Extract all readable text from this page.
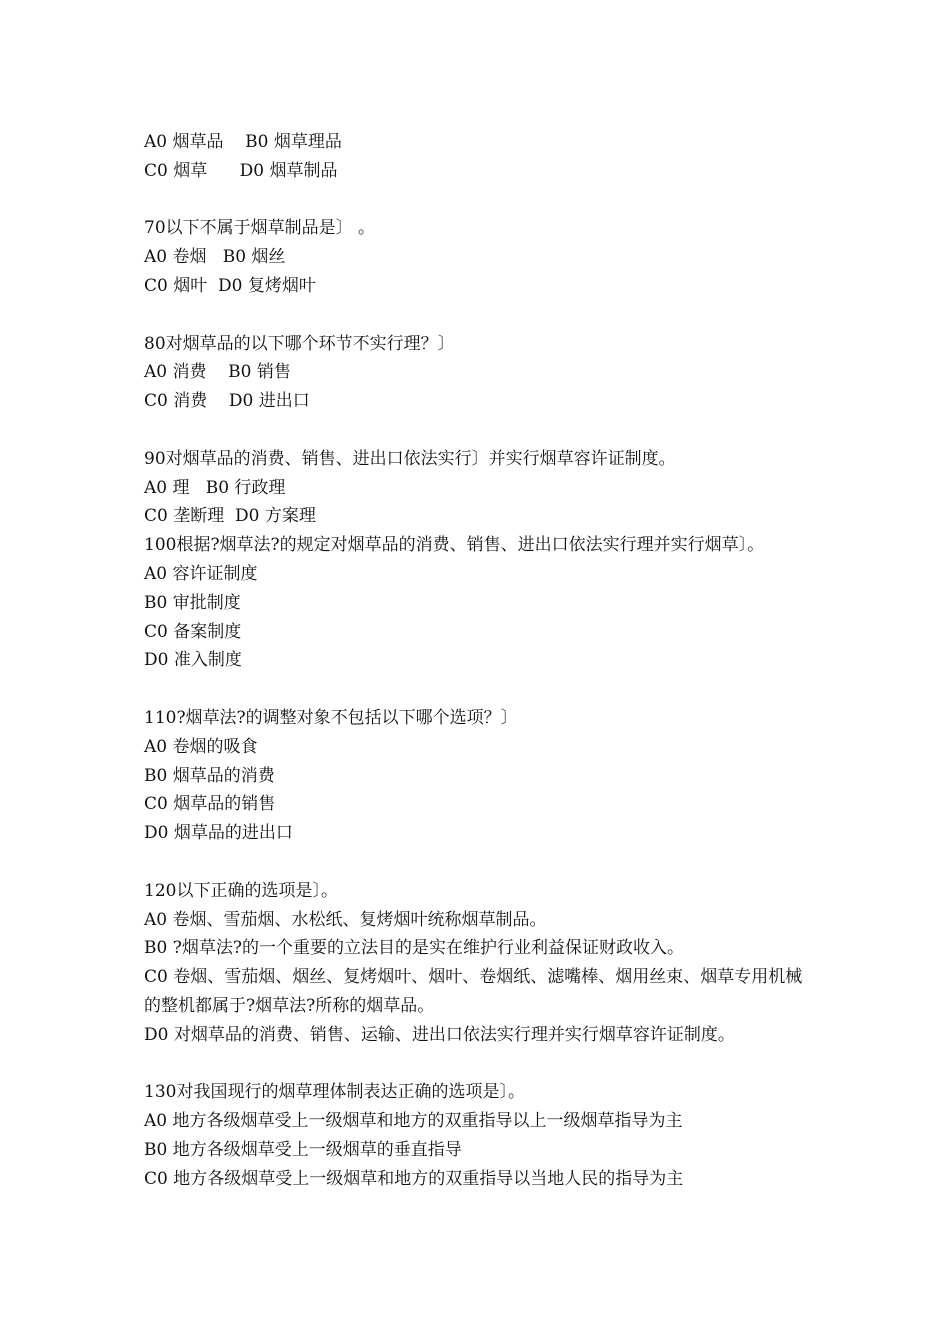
A0 烟草品    B0 烟草理品

C0 烟草      D0 烟草制品

70以下不属于烟草制品是〕 。

A0 卷烟   B0 烟丝

C0 烟叶  D0 复烤烟叶

80对烟草品的以下哪个环节不实行理？〕

A0 消费    B0 销售

C0 消费    D0 进出口

90对烟草品的消费、销售、进出口依法实行〕并实行烟草容许证制度。

A0 理   B0 行政理

C0 垄断理  D0 方案理

100根据?烟草法?的规定对烟草品的消费、销售、进出口依法实行理并实行烟草〕。

A0 容许证制度

B0 审批制度

C0 备案制度

D0 准入制度

110?烟草法?的调整对象不包括以下哪个选项？〕

A0 卷烟的吸食

B0 烟草品的消费

C0 烟草品的销售

D0 烟草品的进出口

120以下正确的选项是〕。

A0 卷烟、雪茄烟、水松纸、复烤烟叶统称烟草制品。

B0 ?烟草法?的一个重要的立法目的是实在维护行业利益保证财政收入。

C0 卷烟、雪茄烟、烟丝、复烤烟叶、烟叶、卷烟纸、滤嘴棒、烟用丝束、烟草专用机械的整机都属于?烟草法?所称的烟草品。

D0 对烟草品的消费、销售、运输、进出口依法实行理并实行烟草容许证制度。

130对我国现行的烟草理体制表达正确的选项是〕。

A0 地方各级烟草受上一级烟草和地方的双重指导以上一级烟草指导为主

B0 地方各级烟草受上一级烟草的垂直指导

C0 地方各级烟草受上一级烟草和地方的双重指导以当地人民的指导为主
